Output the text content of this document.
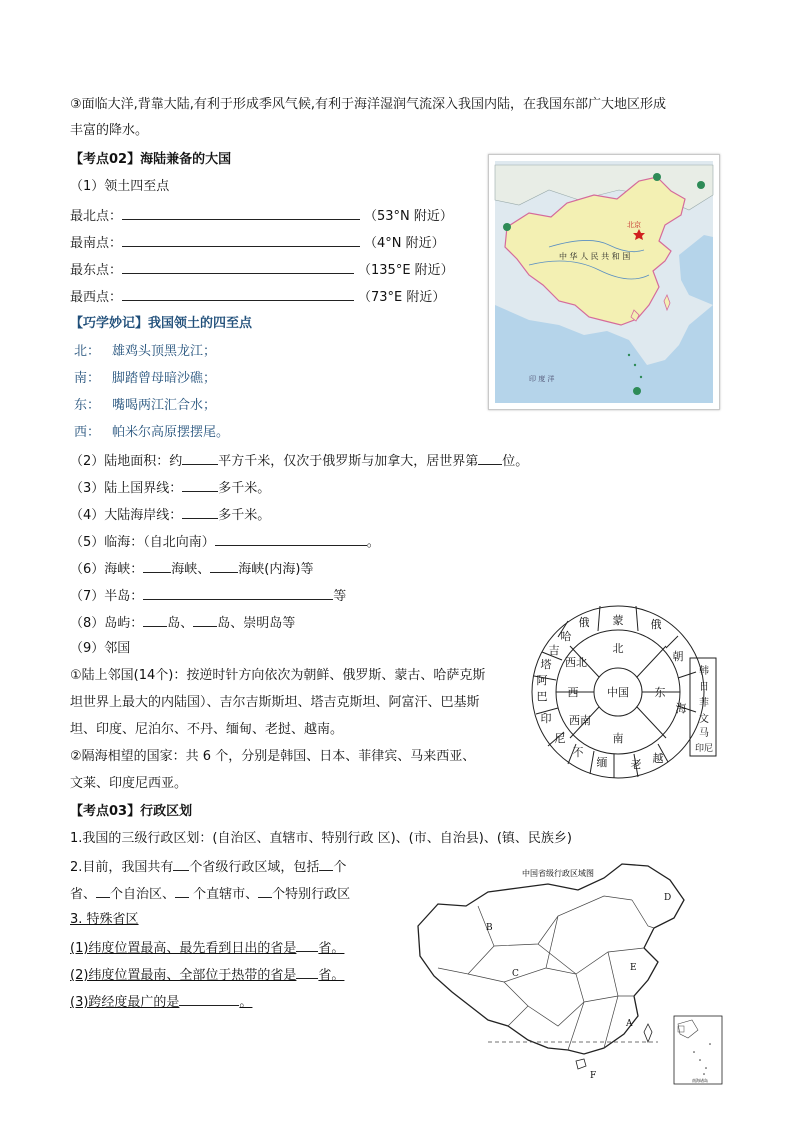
③面临大洋,背靠大陆,有利于形成季风气候,有利于海洋湿润气流深入我国内陆，在我国东部广大地区形成
丰富的降水。
【考点02】海陆兼备的大国
（1）领土四至点
最北点：	（53°N 附近）
最南点：	（4°N 附近）
最东点：	（135°E 附近）
最西点：	（73°E 附近）
【巧学妙记】我国领土的四至点
北： 雄鸡头顶黑龙江；
南： 脚踏曾母暗沙礁；
东： 嘴喝两江汇合水；
西： 帕米尔高原摆摆尾。
（2）陆地面积：约	平方千米，仅次于俄罗斯与加拿大，居世界第 位。
（3）陆上国界线：	多千米。
（4）大陆海岸线：	多千米。
（5）临海：（自北向南）	。
（6）海峡： 海峡、 海峡(内海)等
（7）半岛：	等
（8）岛屿： 岛、 岛、崇明岛等
（9）邻国
①陆上邻国(14个)：按逆时针方向依次为朝鲜、俄罗斯、蒙古、哈萨克斯
坦世界上最大的内陆国）、吉尔吉斯斯坦、塔吉克斯坦、阿富汗、巴基斯
坦、印度、尼泊尔、不丹、缅甸、老挝、越南。
②隔海相望的国家：共 6 个，分别是韩国、日本、菲律宾、马来西亚、
文莱、印度尼西亚。
北京
中 华 人 民 共 和 国
印 度 洋
中国
北
东
南
西南
西
西北
蒙 俄
朝
越
老
缅
不
尼
印
巴
阿
塔
吉
哈
俄
海
韩
日
菲
文
马
印尼
【考点03】行政区划
1.我国的三级行政区划：(自治区、直辖市、特别行政 区)、(市、自治县)、(镇、民族乡)
2.目前，我国共有 个省级行政区域，包括 个
省、 个自治区、 个直辖市、 个特别行政区
3. 特殊省区
(1)纬度位置最高、最先看到日出的省是 省。
(2)纬度位置最南、全部位于热带的省是 省。
(3)跨经度最广的是	。
中国省级行政区域图
A
B
C
D
E
F	南海诸岛
